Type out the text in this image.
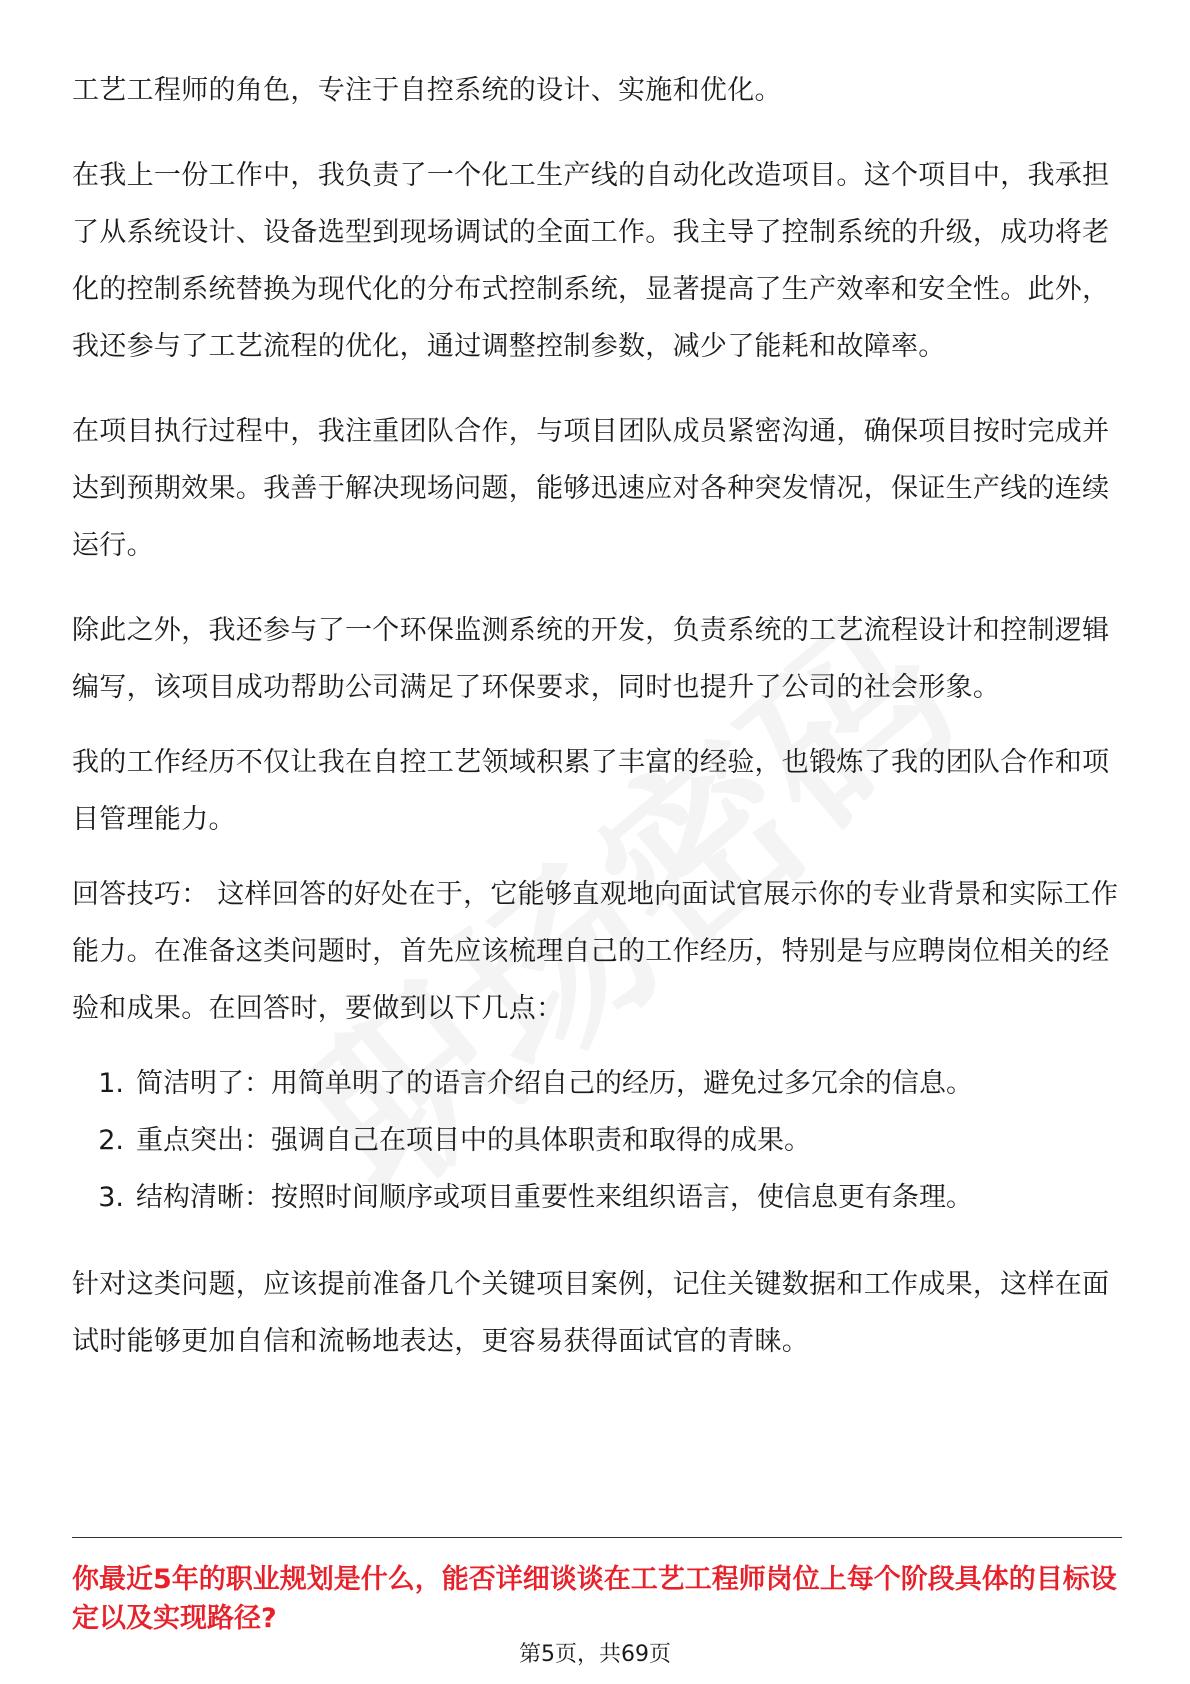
工艺工程师的角色，专注于自控系统的设计、实施和优化。

在我上一份工作中，我负责了一个化工生产线的自动化改造项目。这个项目中，我承担了从系统设计、设备选型到现场调试的全面工作。我主导了控制系统的升级，成功将老化的控制系统替换为现代化的分布式控制系统，显著提高了生产效率和安全性。此外，我还参与了工艺流程的优化，通过调整控制参数，减少了能耗和故障率。

在项目执行过程中，我注重团队合作，与项目团队成员紧密沟通，确保项目按时完成并达到预期效果。我善于解决现场问题，能够迅速应对各种突发情况，保证生产线的连续运行。

除此之外，我还参与了一个环保监测系统的开发，负责系统的工艺流程设计和控制逻辑编写，该项目成功帮助公司满足了环保要求，同时也提升了公司的社会形象。

我的工作经历不仅让我在自控工艺领域积累了丰富的经验，也锻炼了我的团队合作和项目管理能力。

回答技巧： 这样回答的好处在于，它能够直观地向面试官展示你的专业背景和实际工作能力。在准备这类问题时，首先应该梳理自己的工作经历，特别是与应聘岗位相关的经验和成果。在回答时，要做到以下几点：

1. 简洁明了：用简单明了的语言介绍自己的经历，避免过多冗余的信息。
2. 重点突出：强调自己在项目中的具体职责和取得的成果。
3. 结构清晰：按照时间顺序或项目重要性来组织语言，使信息更有条理。

针对这类问题，应该提前准备几个关键项目案例，记住关键数据和工作成果，这样在面试时能够更加自信和流畅地表达，更容易获得面试官的青睐。

你最近5年的职业规划是什么，能否详细谈谈在工艺工程师岗位上每个阶段具体的目标设定以及实现路径?

第5页，共69页
